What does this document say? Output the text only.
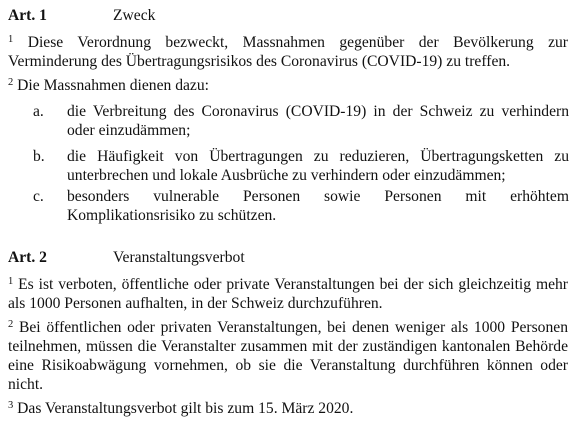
Art. 1	Zweck
$^1$ Diese Verordnung bezweckt, Massnahmen gegenüber der Bevölkerung zur Verminderung des Übertragungsrisikos des Coronavirus (COVID-19) zu treffen.
$^2$ Die Massnahmen dienen dazu:
a. die Verbreitung des Coronavirus (COVID-19) in der Schweiz zu verhindern oder einzudämmen;
b. die Häufigkeit von Übertragungen zu reduzieren, Übertragungsketten zu unterbrechen und lokale Ausbrüche zu verhindern oder einzudämmen;
c. besonders vulnerable Personen sowie Personen mit erhöhtem Komplikationsrisiko zu schützen.
Art. 2	Veranstaltungsverbot
$^1$ Es ist verboten, öffentliche oder private Veranstaltungen bei der sich gleichzeitig mehr als 1000 Personen aufhalten, in der Schweiz durchzuführen.
$^2$ Bei öffentlichen oder privaten Veranstaltungen, bei denen weniger als 1000 Personen teilnehmen, müssen die Veranstalter zusammen mit der zuständigen kantonalen Behörde eine Risikoabwägung vornehmen, ob sie die Veranstaltung durchführen können oder nicht.
$^3$ Das Veranstaltungsverbot gilt bis zum 15. März 2020.
